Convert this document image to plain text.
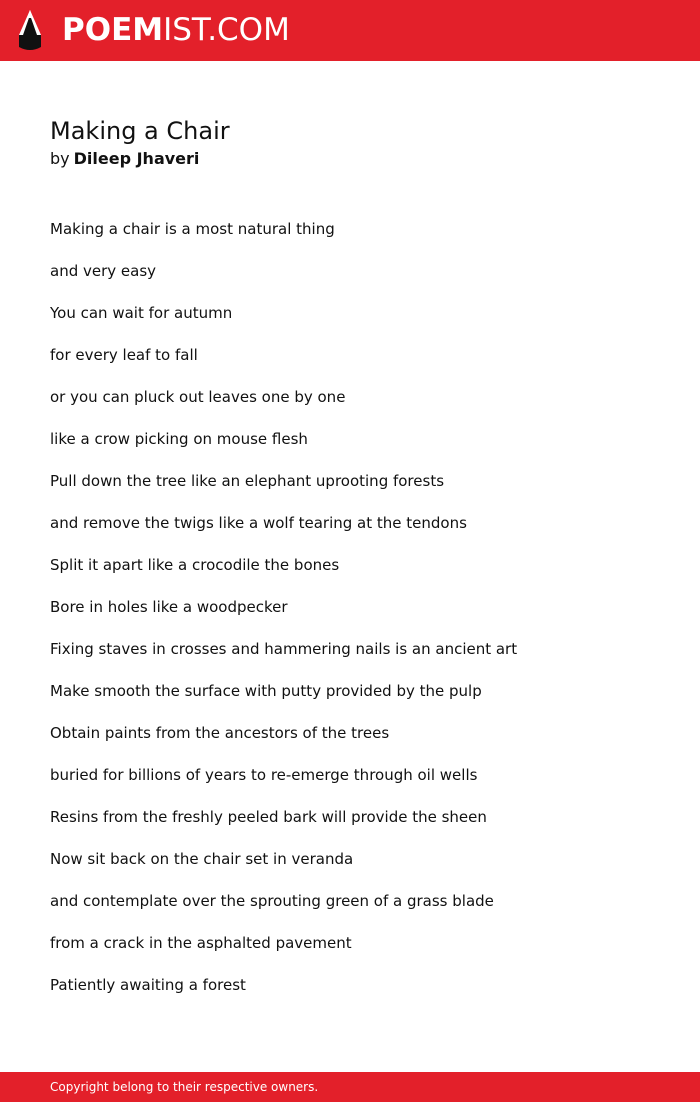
POEMIST.COM
Making a Chair
by Dileep Jhaveri
Making a chair is a most natural thing
and very easy
You can wait for autumn
for every leaf to fall
or you can pluck out leaves one by one
like a crow picking on mouse flesh
Pull down the tree like an elephant uprooting forests
and remove the twigs like a wolf tearing at the tendons
Split it apart like a crocodile the bones
Bore in holes like a woodpecker
Fixing staves in crosses and hammering nails is an ancient art
Make smooth the surface with putty provided by the pulp
Obtain paints from the ancestors of the trees
buried for billions of years to re-emerge through oil wells
Resins from the freshly peeled bark will provide the sheen
Now sit back on the chair set in veranda
and contemplate over the sprouting green of a grass blade
from a crack in the asphalted pavement
Patiently awaiting a forest
Copyright belong to their respective owners.
